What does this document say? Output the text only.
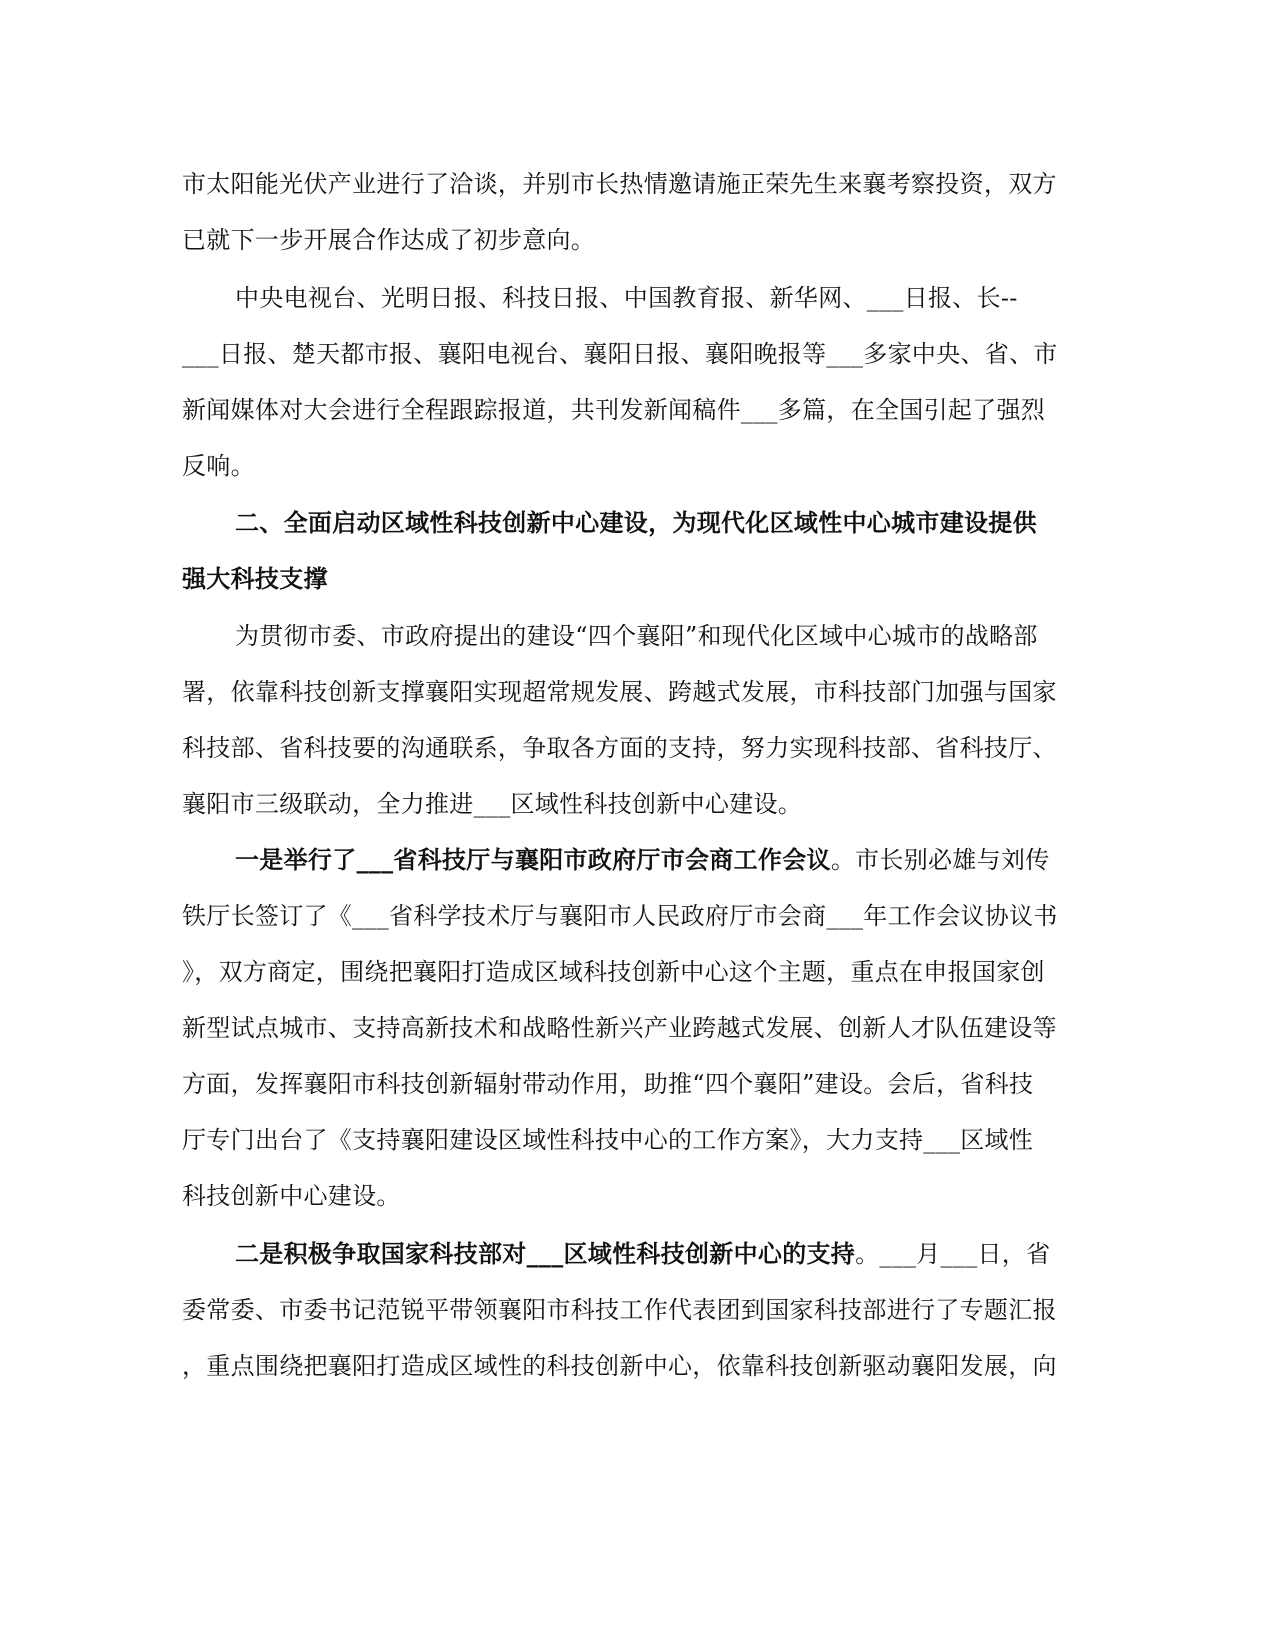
市太阳能光伏产业进行了洽谈，并别市长热情邀请施正荣先生来襄考察投资，双方
已就下一步开展合作达成了初步意向。
中央电视台、光明日报、科技日报、中国教育报、新华网、___日报、长--
___日报、楚天都市报、襄阳电视台、襄阳日报、襄阳晚报等___多家中央、省、市
新闻媒体对大会进行全程跟踪报道，共刊发新闻稿件___多篇，在全国引起了强烈
反响。
二、全面启动区域性科技创新中心建设，为现代化区域性中心城市建设提供
强大科技支撑
为贯彻市委、市政府提出的建设“四个襄阳”和现代化区域中心城市的战略部
署，依靠科技创新支撑襄阳实现超常规发展、跨越式发展，市科技部门加强与国家
科技部、省科技要的沟通联系，争取各方面的支持，努力实现科技部、省科技厅、
襄阳市三级联动，全力推进___区域性科技创新中心建设。
一是举行了___省科技厅与襄阳市政府厅市会商工作会议。市长别必雄与刘传
铁厅长签订了《___省科学技术厅与襄阳市人民政府厅市会商___年工作会议协议书
》，双方商定，围绕把襄阳打造成区域科技创新中心这个主题，重点在申报国家创
新型试点城市、支持高新技术和战略性新兴产业跨越式发展、创新人才队伍建设等
方面，发挥襄阳市科技创新辐射带动作用，助推“四个襄阳”建设。会后，省科技
厅专门出台了《支持襄阳建设区域性科技中心的工作方案》，大力支持___区域性
科技创新中心建设。
二是积极争取国家科技部对___区域性科技创新中心的支持。___月___日，省
委常委、市委书记范锐平带领襄阳市科技工作代表团到国家科技部进行了专题汇报
，重点围绕把襄阳打造成区域性的科技创新中心，依靠科技创新驱动襄阳发展，向
